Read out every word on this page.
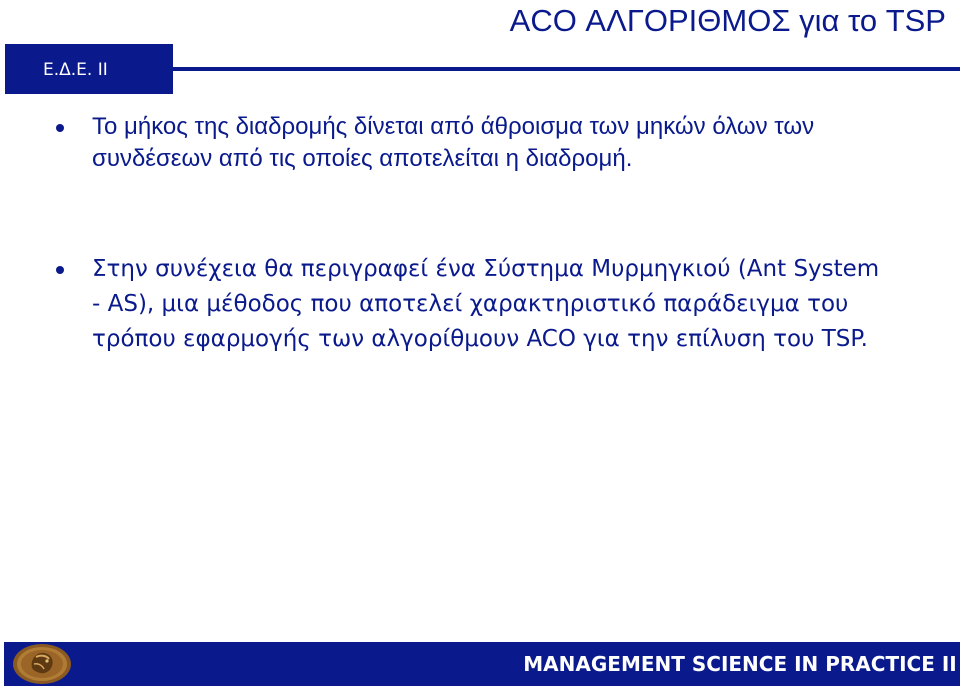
ACO ΑΛΓΟΡΙΘΜΟΣ για το TSP
Ε.Δ.Ε. ΙΙ

Το μήκος της διαδρομής δίνεται από άθροισμα των μηκών όλων των συνδέσεων από τις οποίες αποτελείται η διαδρομή.

Στην συνέχεια θα περιγραφεί ένα Σύστημα Μυρμηγκιού (Ant System - AS), μια μέθοδος που αποτελεί χαρακτηριστικό παράδειγμα του τρόπου εφαρμογής των αλγορίθμουν ACO για την επίλυση του TSP.

MANAGEMENT SCIENCE IN PRACTICE II
